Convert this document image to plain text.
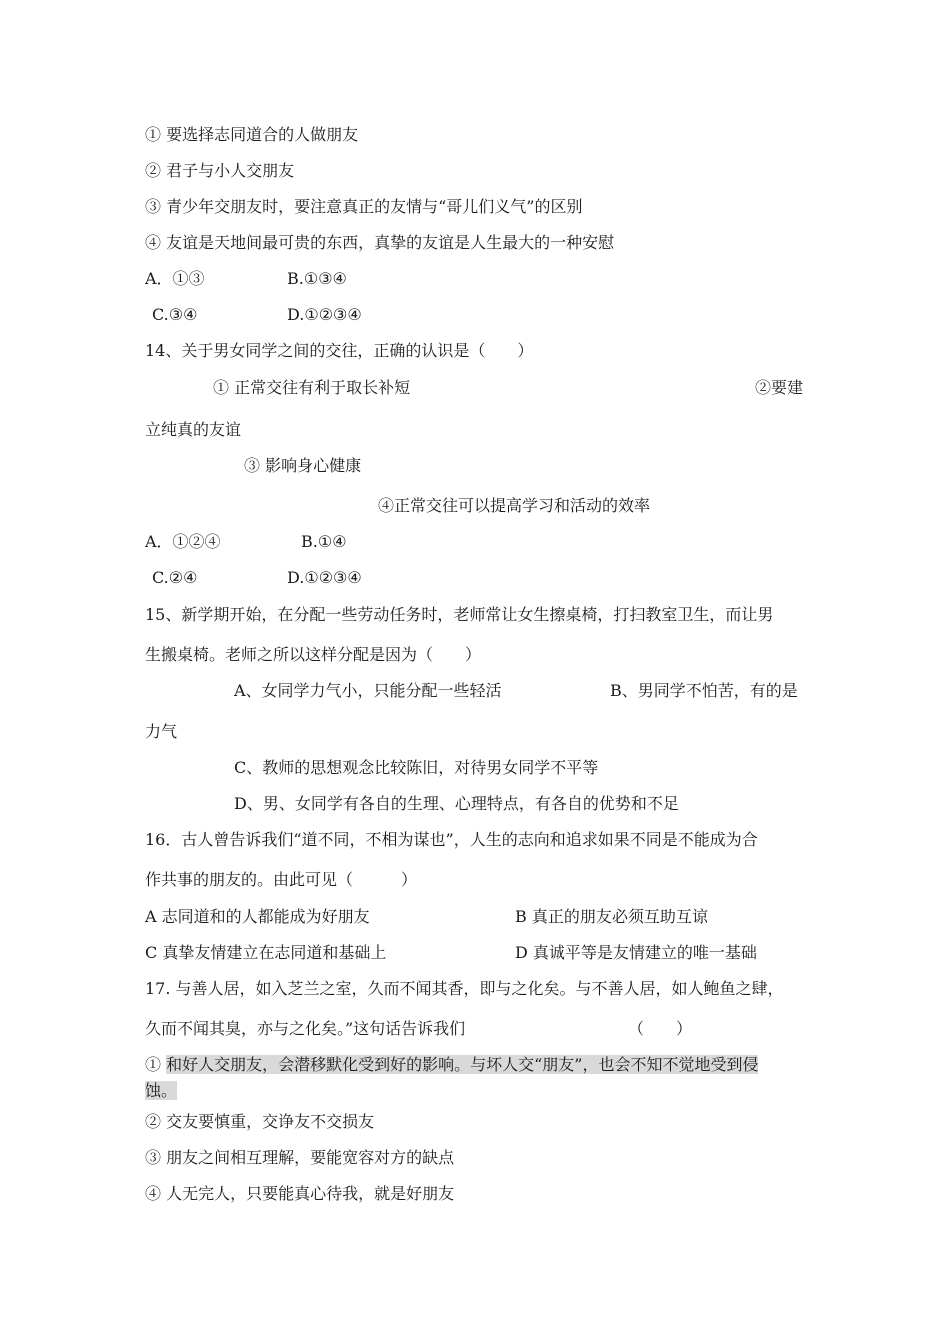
① 要选择志同道合的人做朋友
② 君子与小人交朋友
③ 青少年交朋友时，要注意真正的友情与“哥儿们义气”的区别
④ 友谊是天地间最可贵的东西，真挚的友谊是人生最大的一种安慰
A．①③	B.①③④
C.③④	D.①②③④
14、关于男女同学之间的交往，正确的认识是（　　）
① 正常交往有利于取长补短	②要建
立纯真的友谊
③ 影响身心健康
④正常交往可以提高学习和活动的效率
A．①②④	B.①④
C.②④	D.①②③④
15、新学期开始，在分配一些劳动任务时，老师常让女生擦桌椅，打扫教室卫生，而让男
生搬桌椅。老师之所以这样分配是因为（　　）
A、女同学力气小，只能分配一些轻活	B、男同学不怕苦，有的是
力气
C、教师的思想观念比较陈旧，对待男女同学不平等
D、男、女同学有各自的生理、心理特点，有各自的优势和不足
16．古人曾告诉我们“道不同，不相为谋也”，人生的志向和追求如果不同是不能成为合
作共事的朋友的。由此可见（　　　）
A 志同道和的人都能成为好朋友	B 真正的朋友必须互助互谅
C 真挚友情建立在志同道和基础上	D 真诚平等是友情建立的唯一基础
17. 与善人居，如入芝兰之室，久而不闻其香，即与之化矣。与不善人居，如人鲍鱼之肆，
久而不闻其臭，亦与之化矣。”这句话告诉我们	（　　）
① 和好人交朋友，会潜移默化受到好的影响。与坏人交“朋友”，也会不知不觉地受到侵
蚀。
② 交友要慎重，交诤友不交损友
③ 朋友之间相互理解，要能宽容对方的缺点
④ 人无完人，只要能真心待我，就是好朋友
